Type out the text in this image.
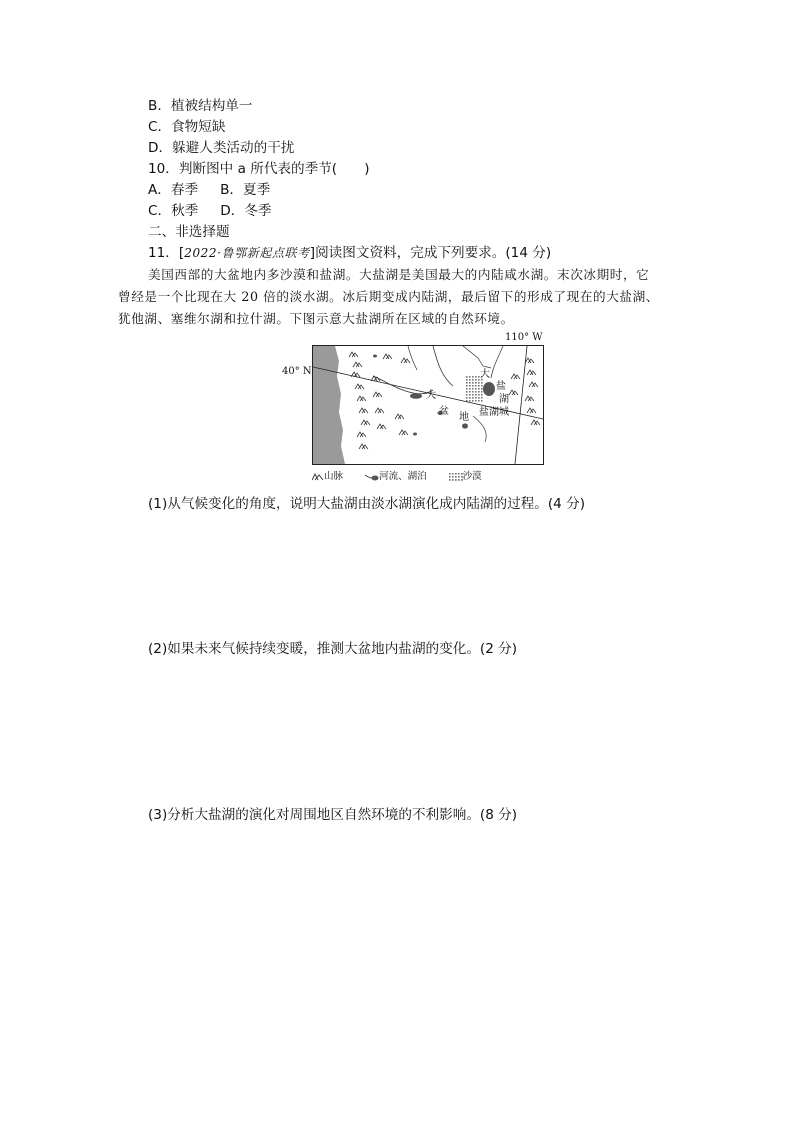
B．植被结构单一
C．食物短缺
D．躲避人类活动的干扰
10．判断图中 a 所代表的季节(　　)
A．春季 B．夏季
C．秋季 D．冬季
二、非选择题
11．[2022·鲁鄂新起点联考]阅读图文资料，完成下列要求。(14 分)
美国西部的大盆地内多沙漠和盐湖。大盐湖是美国最大的内陆咸水湖。末次冰期时，它
曾经是一个比现在大 20 倍的淡水湖。冰后期变成内陆湖，最后留下的形成了现在的大盐湖、
犹他湖、塞维尔湖和拉什湖。下图示意大盐湖所在区域的自然环境。
110° W
40° N
大
盆
地
大
盐
湖
盐湖城
山脉	河流、湖泊	沙漠
(1)从气候变化的角度，说明大盐湖由淡水湖演化成内陆湖的过程。(4 分)
(2)如果未来气候持续变暖，推测大盆地内盐湖的变化。(2 分)
(3)分析大盐湖的演化对周围地区自然环境的不利影响。(8 分)
